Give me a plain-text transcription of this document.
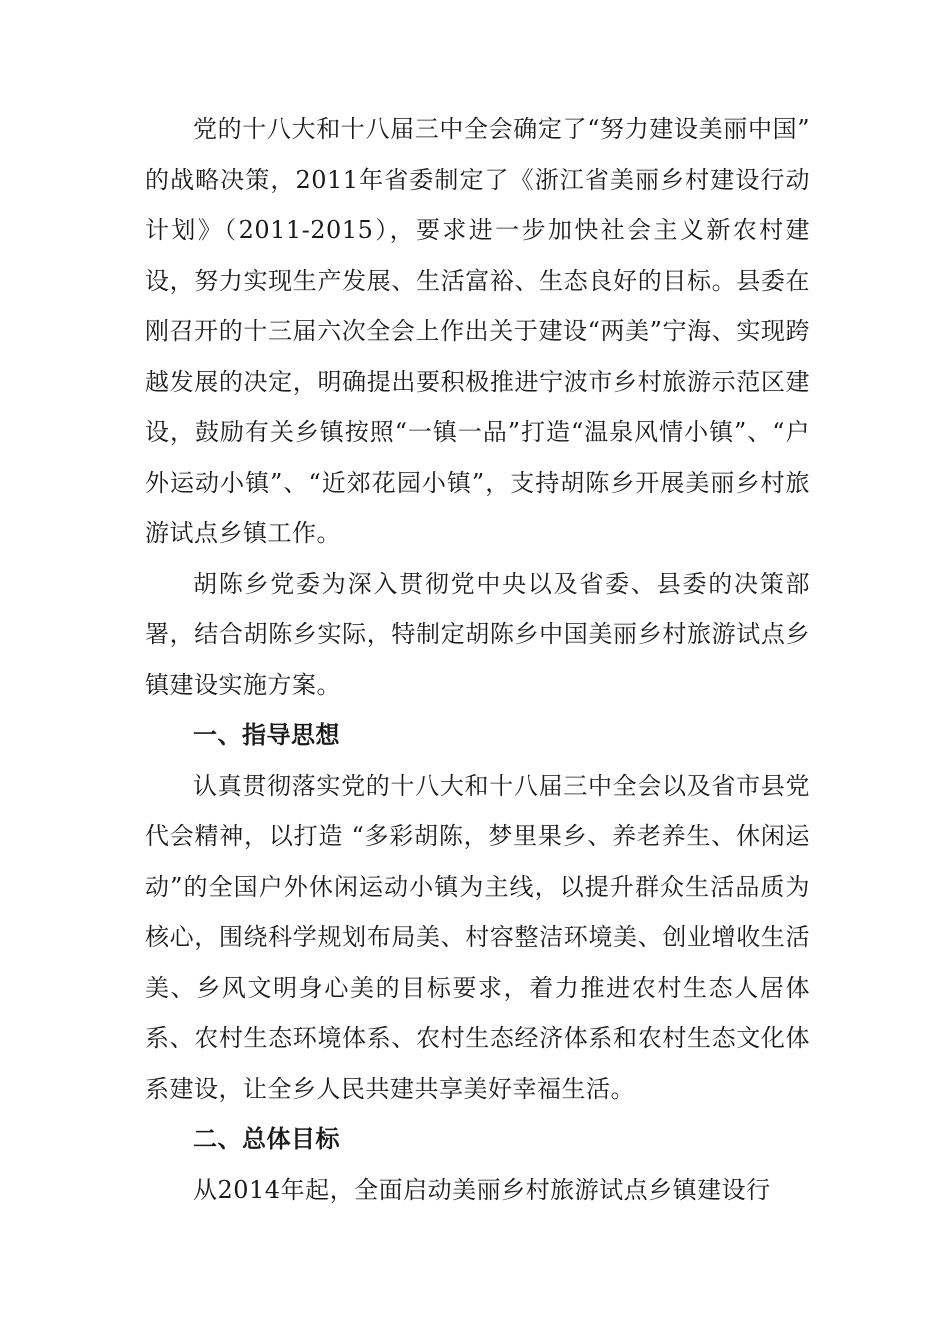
党的十八大和十八届三中全会确定了“努力建设美丽中国” 的战略决策，2011年省委制定了《浙江省美丽乡村建设行动计划》（2011-2015），要求进一步加快社会主义新农村建设，努力实现生产发展、生活富裕、生态良好的目标。县委在刚召开的十三届六次全会上作出关于建设“两美”宁海、实现跨越发展的决定，明确提出要积极推进宁波市乡村旅游示范区建设，鼓励有关乡镇按照“一镇一品”打造“温泉风情小镇”、“户外运动小镇”、“近郊花园小镇”，支持胡陈乡开展美丽乡村旅游试点乡镇工作。

胡陈乡党委为深入贯彻党中央以及省委、县委的决策部署，结合胡陈乡实际，特制定胡陈乡中国美丽乡村旅游试点乡镇建设实施方案。

一、指导思想

认真贯彻落实党的十八大和十八届三中全会以及省市县党代会精神，以打造 “多彩胡陈，梦里果乡、养老养生、休闲运动”的全国户外休闲运动小镇为主线，以提升群众生活品质为核心，围绕科学规划布局美、村容整洁环境美、创业增收生活美、乡风文明身心美的目标要求，着力推进农村生态人居体系、农村生态环境体系、农村生态经济体系和农村生态文化体系建设，让全乡人民共建共享美好幸福生活。

二、总体目标

从2014年起，全面启动美丽乡村旅游试点乡镇建设行
